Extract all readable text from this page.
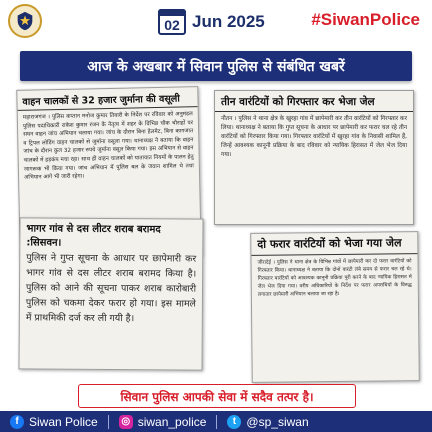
02 Jun 2025	#SiwanPolice
आज के अखबार में सिवान पुलिस से संबंधित खबरें
वाहन चालकों से 32 हजार जुर्माना की वसूली
महाराजगंज । पुलिस कप्तान मनोज कुमार तिवारी के निर्देश पर रविवार को अनुमंडल पुलिस पदाधिकारी राकेश कुमार रंजन के नेतृत्व में शहर के विभिन्न चौक चौराहों पर सघन वाहन जांच अभियान चलाया गया। जांच के दौरान बिना हेलमेट, बिना कागजात व ट्रिपल लोडिंग वाहन चालकों से जुर्माना वसूला गया। थानाध्यक्ष ने बताया कि वाहन जांच के दौरान कुल 32 हजार रुपये जुर्माना वसूल किया गया। इस अभियान से वाहन चालकों में हड़कंप मचा रहा। साथ ही वाहन चालकों को यातायात नियमों के पालन हेतु जागरूक भी किया गया। जांच अभियान में पुलिस बल के जवान शामिल थे तथा अभियान आगे भी जारी रहेगा।
तीन वारंटियों को गिरफ्तार कर भेजा जेल
नौतन । पुलिस ने थाना क्षेत्र के खुरहा गांव में छापेमारी कर तीन वारंटियों को गिरफ्तार कर लिया। थानाध्यक्ष ने बताया कि गुप्त सूचना के आधार पर छापेमारी कर फरार चल रहे तीन वारंटियों को गिरफ्तार किया गया। गिरफ्तार वारंटियों में खुरहा गांव के निवासी शामिल हैं, जिन्हें आवश्यक कानूनी प्रक्रिया के बाद रविवार को न्यायिक हिरासत में जेल भेज दिया गया।
भागर गांव से दस लीटर शराब बरामद :सिसवन।
पुलिस ने गुप्त सूचना के आधार पर छापेमारी कर भागर गांव से दस लीटर शराब बरामद किया है। पुलिस को आने की सूचना पाकर शराब कारोबारी पुलिस को चकमा देकर फरार हो गया। इस मामले में प्राथमिकी दर्ज कर ली गयी है।
दो फरार वारंटियों को भेजा गया जेल
जीरादेई । पुलिस ने थाना क्षेत्र के विभिन्न गांवों में छापेमारी कर दो फरार वारंटियों को गिरफ्तार किया। थानाध्यक्ष ने बताया कि दोनों वारंटी लंबे समय से फरार चल रहे थे। गिरफ्तार वारंटियों को आवश्यक कानूनी प्रक्रिया पूरी करने के बाद न्यायिक हिरासत में जेल भेज दिया गया। वरीय अधिकारियों के निर्देश पर फरार अपराधियों के विरुद्ध लगातार छापेमारी अभियान चलाया जा रहा है।
सिवान पुलिस आपकी सेवा में सदैव तत्पर है।
f Siwan Police ◎ siwan_police	t @sp_siwan
